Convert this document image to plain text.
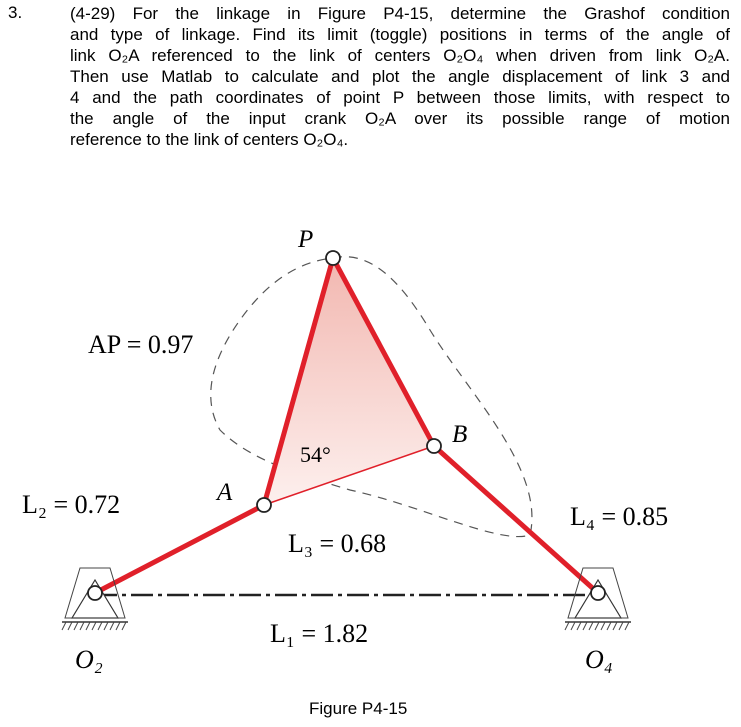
3.	(4-29) For the linkage in Figure P4-15, determine the Grashof condition
and type of linkage. Find its limit (toggle) positions in terms of the angle of
link O₂A referenced to the link of centers O₂O₄ when driven from link O₂A.
Then use Matlab to calculate and plot the angle displacement of link 3 and
4 and the path coordinates of point P between those limits, with respect to
the angle of the input crank O₂A over its possible range of motion
reference to the link of centers O₂O₄.
P
AP = 0.97
54°
B
A
L₂ = 0.72
L₃ = 0.68
L₄ = 0.85
L₁ = 1.82
O₂	O₄
Figure P4-15
